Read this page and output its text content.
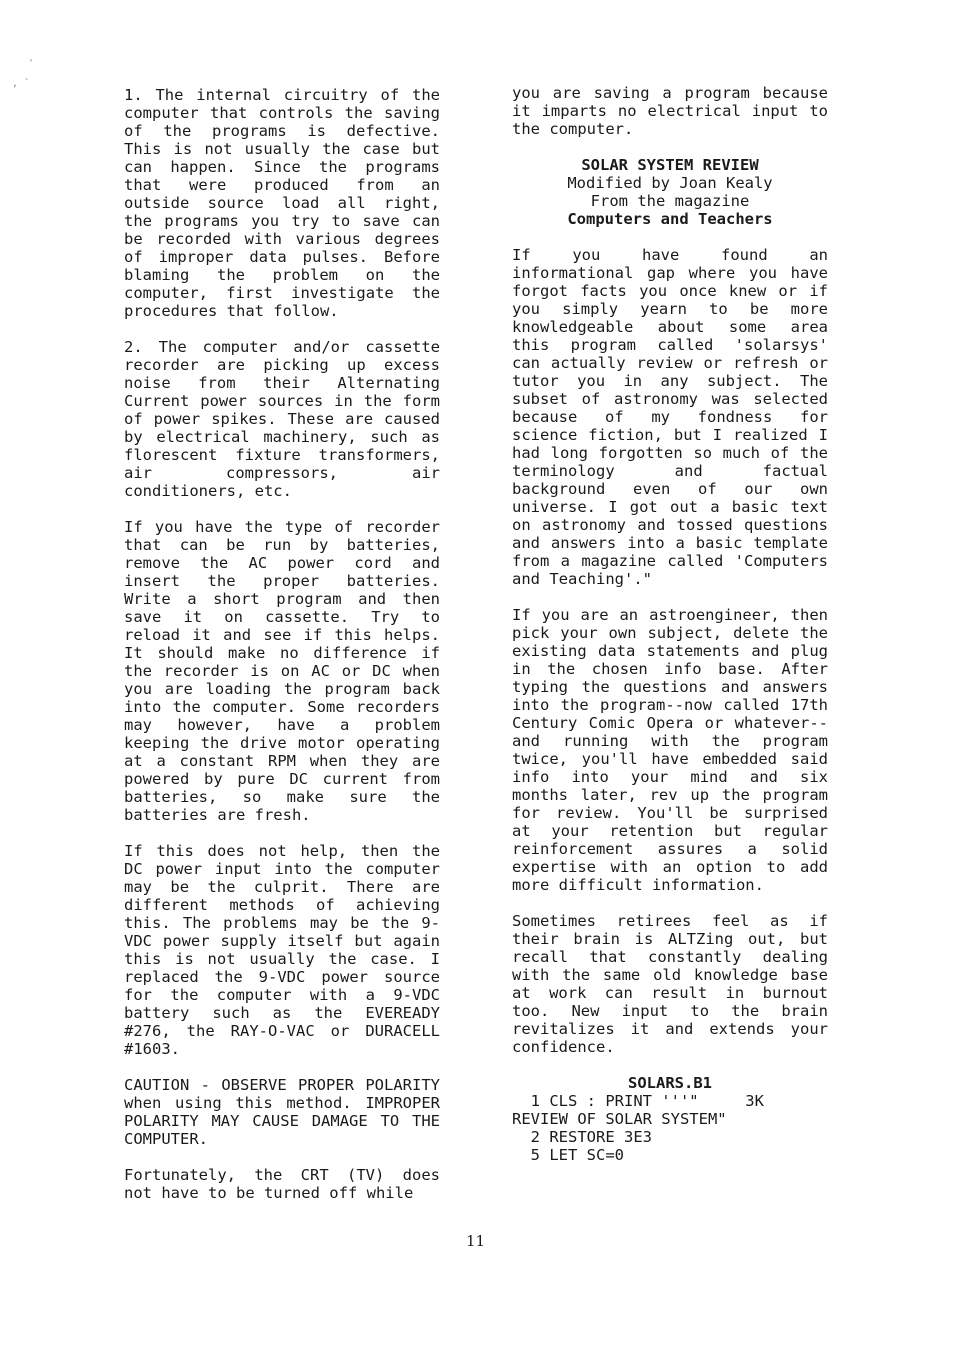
'
, `

1. The internal circuitry of the computer that controls the saving of the programs is defective. This is not usually the case but can happen. Since the programs that were produced from an outside source load all right, the programs you try to save can be recorded with various degrees of improper data pulses. Before blaming the problem on the computer, first investigate the procedures that follow.

2. The computer and/or cassette recorder are picking up excess noise from their Alternating Current power sources in the form of power spikes. These are caused by electrical machinery, such as florescent fixture transformers, air compressors, air conditioners, etc.

If you have the type of recorder that can be run by batteries, remove the AC power cord and insert the proper batteries. Write a short program and then save it on cassette. Try to reload it and see if this helps. It should make no difference if the recorder is on AC or DC when you are loading the program back into the computer. Some recorders may however, have a problem keeping the drive motor operating at a constant RPM when they are powered by pure DC current from batteries, so make sure the batteries are fresh.

If this does not help, then the DC power input into the computer may be the culprit. There are different methods of achieving this. The problems may be the 9-VDC power supply itself but again this is not usually the case. I replaced the 9-VDC power source for the computer with a 9-VDC battery such as the EVEREADY #276, the RAY-O-VAC or DURACELL #1603.

CAUTION - OBSERVE PROPER POLARITY when using this method. IMPROPER POLARITY MAY CAUSE DAMAGE TO THE COMPUTER.

Fortunately, the CRT (TV) does not have to be turned off while

you are saving a program because it imparts no electrical input to the computer.

SOLAR SYSTEM REVIEW
Modified by Joan Kealy
From the magazine
Computers and Teachers

If you have found an informational gap where you have forgot facts you once knew or if you simply yearn to be more knowledgeable about some area this program called 'solarsys' can actually review or refresh or tutor you in any subject. The subset of astronomy was selected because of my fondness for science fiction, but I realized I had long forgotten so much of the terminology and factual background even of our own universe. I got out a basic text on astronomy and tossed questions and answers into a basic template from a magazine called 'Computers and Teaching'."

If you are an astroengineer, then pick your own subject, delete the existing data statements and plug in the chosen info base. After typing the questions and answers into the program--now called 17th Century Comic Opera or whatever--and running with the program twice, you'll have embedded said info into your mind and six months later, rev up the program for review. You'll be surprised at your retention but regular reinforcement assures a solid expertise with an option to add more difficult information.

Sometimes retirees feel as if their brain is ALTZing out, but recall that constantly dealing with the same old knowledge base at work can result in burnout too. New input to the brain revitalizes it and extends your confidence.

SOLARS.B1
1 CLS : PRINT '''"     3K
REVIEW OF SOLAR SYSTEM"
2 RESTORE 3E3
5 LET SC=0
11
